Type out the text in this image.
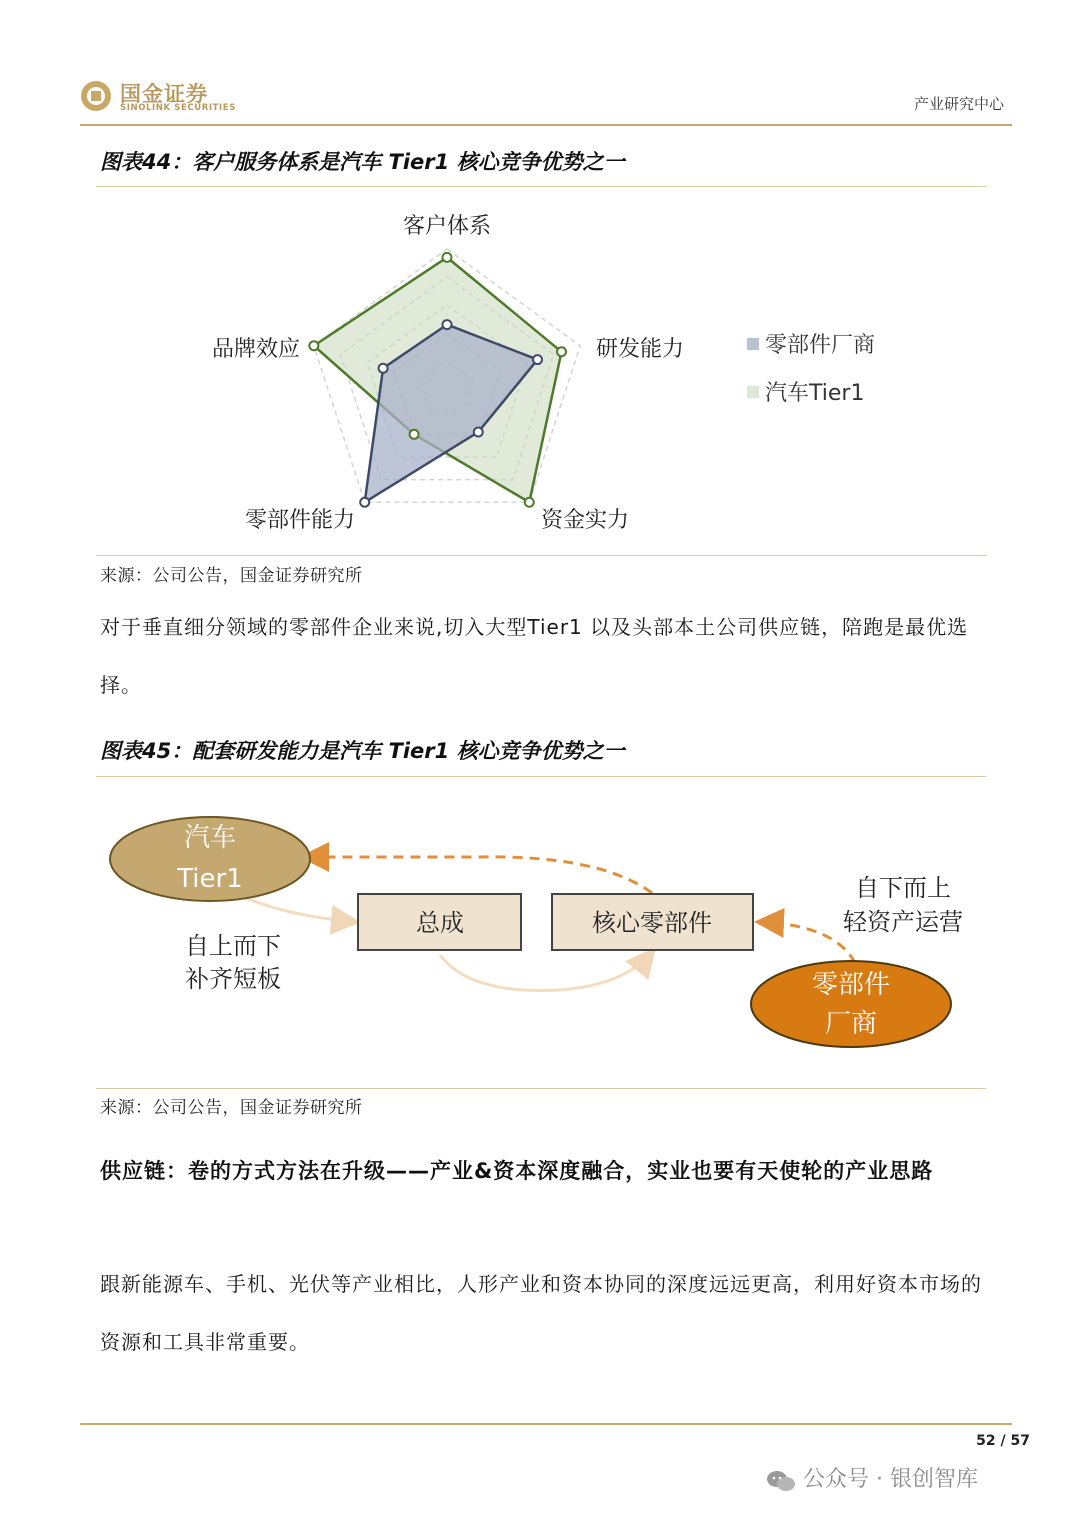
国金证券
SINOLINK SECURITIES	产业研究中心
图表44：客户服务体系是汽车 Tier1 核心竞争优势之一
客户体系
研发能力
资金实力
零部件能力
品牌效应	零部件厂商
汽车Tier1
来源：公司公告，国金证券研究所
对于垂直细分领域的零部件企业来说,切入大型Tier1 以及头部本土公司供应链，陪跑是最优选择。
图表45：配套研发能力是汽车 Tier1 核心竞争优势之一
汽车
Tier1
总成	核心零部件
自下而上
轻资产运营
自上而下
补齐短板	零部件
厂商
来源：公司公告，国金证券研究所
供应链：卷的方式方法在升级——产业&资本深度融合，实业也要有天使轮的产业思路
跟新能源车、手机、光伏等产业相比，人形产业和资本协同的深度远远更高，利用好资本市场的资源和工具非常重要。
52 / 57
公众号 · 银创智库
